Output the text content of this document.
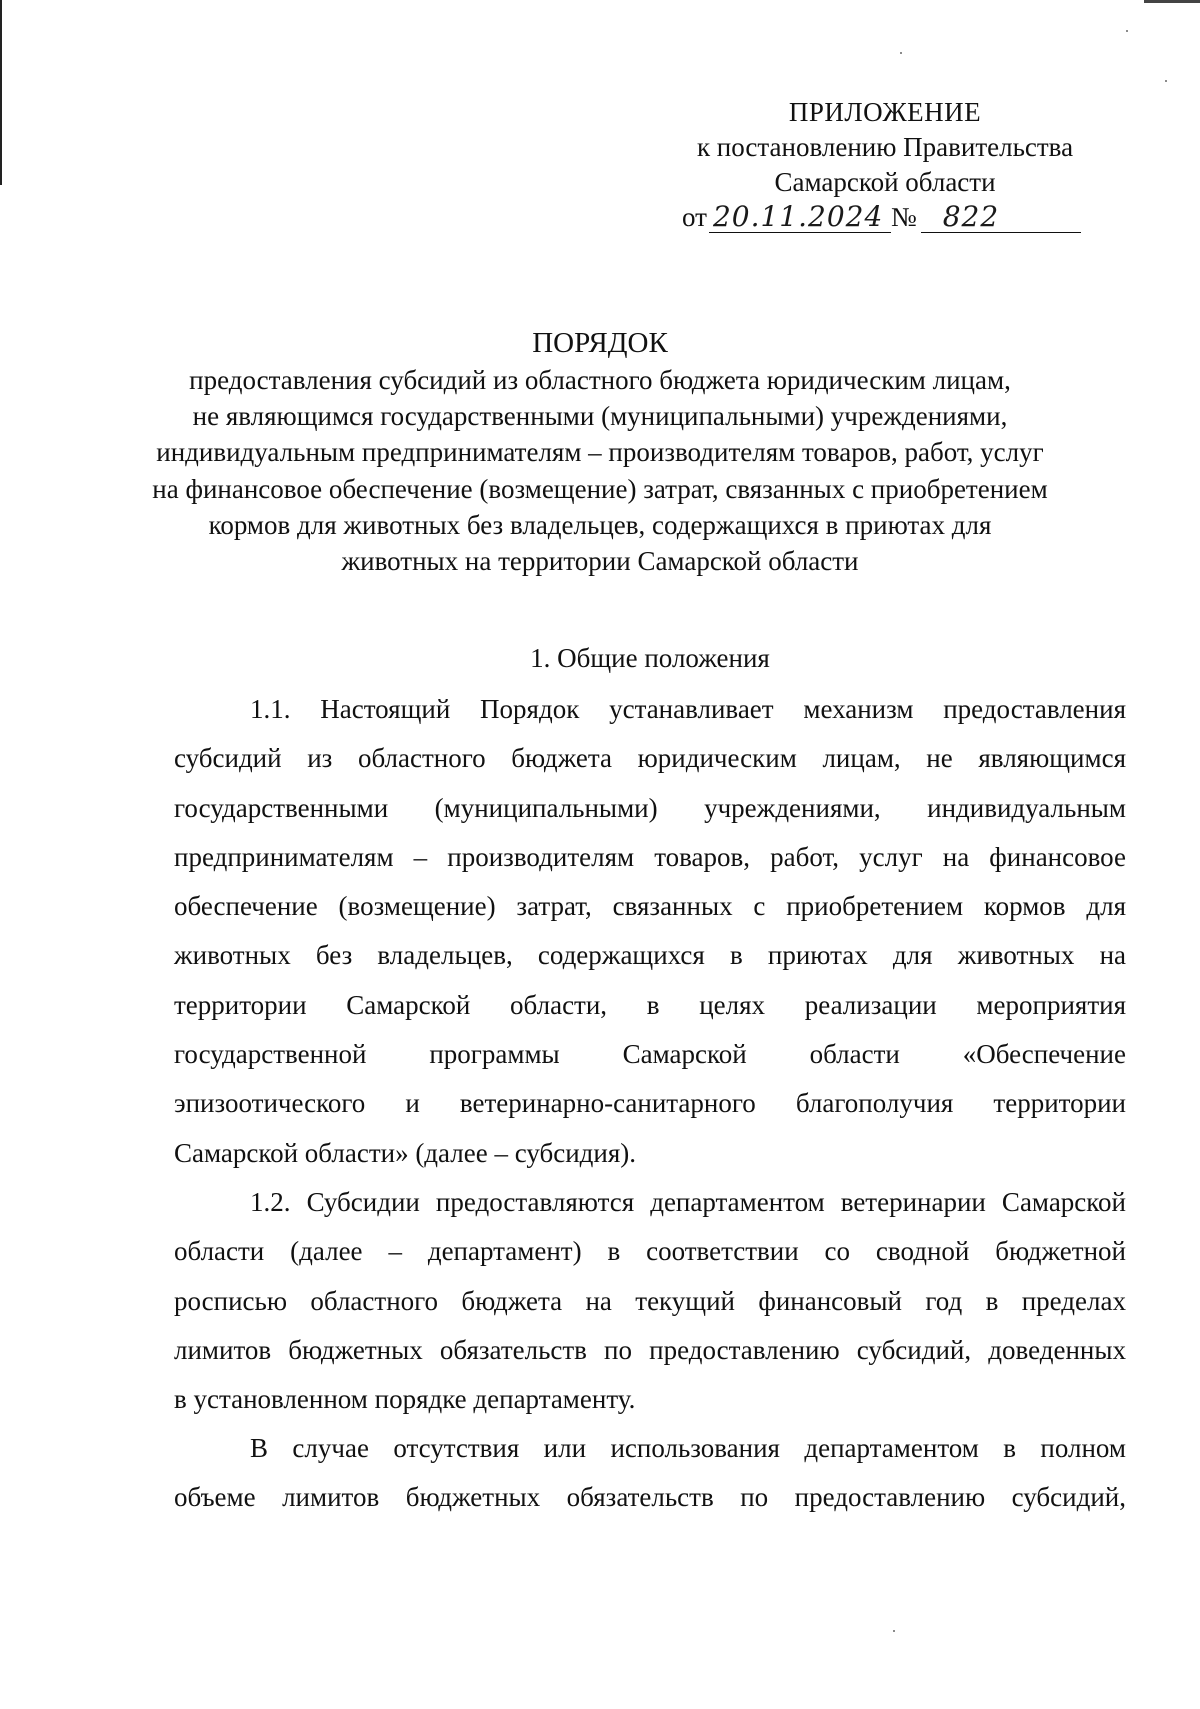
ПРИЛОЖЕНИЕ
к постановлению Правительства
Самарской области
от 20.11.2024 № 822
ПОРЯДОК
предоставления субсидий из областного бюджета юридическим лицам,
не являющимся государственными (муниципальными) учреждениями,
индивидуальным предпринимателям – производителям товаров, работ, услуг
на финансовое обеспечение (возмещение) затрат, связанных с приобретением
кормов для животных без владельцев, содержащихся в приютах для
животных на территории Самарской области
1. Общие положения
1.1. Настоящий Порядок устанавливает механизм предоставления
субсидий из областного бюджета юридическим лицам, не являющимся
государственными (муниципальными) учреждениями, индивидуальным
предпринимателям – производителям товаров, работ, услуг на финансовое
обеспечение (возмещение) затрат, связанных с приобретением кормов для
животных без владельцев, содержащихся в приютах для животных на
территории Самарской области, в целях реализации мероприятия
государственной программы Самарской области «Обеспечение
эпизоотического и ветеринарно-санитарного благополучия территории
Самарской области» (далее – субсидия).
1.2. Субсидии предоставляются департаментом ветеринарии Самарской
области (далее – департамент) в соответствии со сводной бюджетной
росписью областного бюджета на текущий финансовый год в пределах
лимитов бюджетных обязательств по предоставлению субсидий, доведенных
в установленном порядке департаменту.
В случае отсутствия или использования департаментом в полном
объеме лимитов бюджетных обязательств по предоставлению субсидий,
